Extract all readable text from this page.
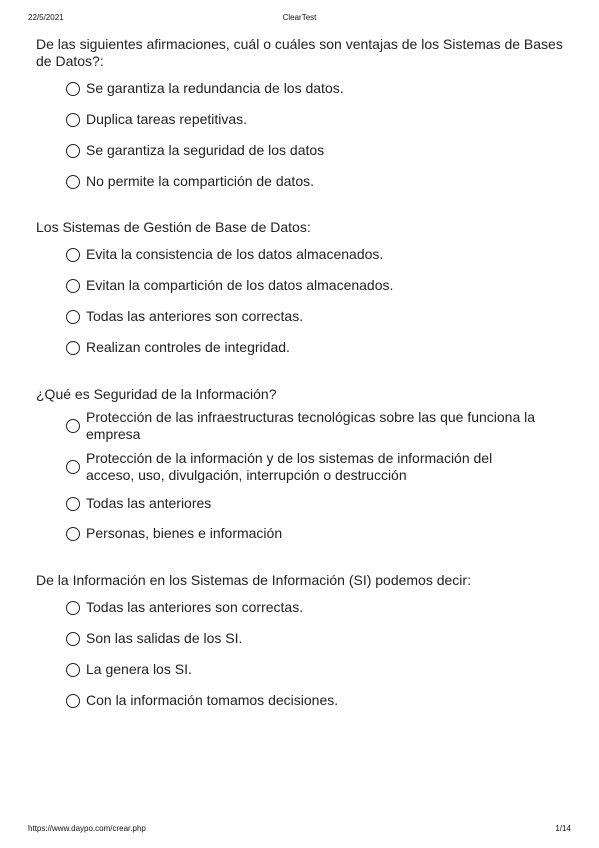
22/5/2021	ClearTest

De las siguientes afirmaciones, cuál o cuáles son ventajas de los Sistemas de Bases de Datos?:

Se garantiza la redundancia de los datos.
Duplica tareas repetitivas.
Se garantiza la seguridad de los datos
No permite la compartición de datos.

Los Sistemas de Gestión de Base de Datos:

Evita la consistencia de los datos almacenados.
Evitan la compartición de los datos almacenados.
Todas las anteriores son correctas.
Realizan controles de integridad.

¿Qué es Seguridad de la Información?

Protección de las infraestructuras tecnológicas sobre las que funciona la empresa
Protección de la información y de los sistemas de información del acceso, uso, divulgación, interrupción o destrucción
Todas las anteriores
Personas, bienes e información

De la Información en los Sistemas de Información (SI) podemos decir:

Todas las anteriores son correctas.
Son las salidas de los SI.
La genera los SI.
Con la información tomamos decisiones.
https://www.daypo.com/crear.php	1/14
